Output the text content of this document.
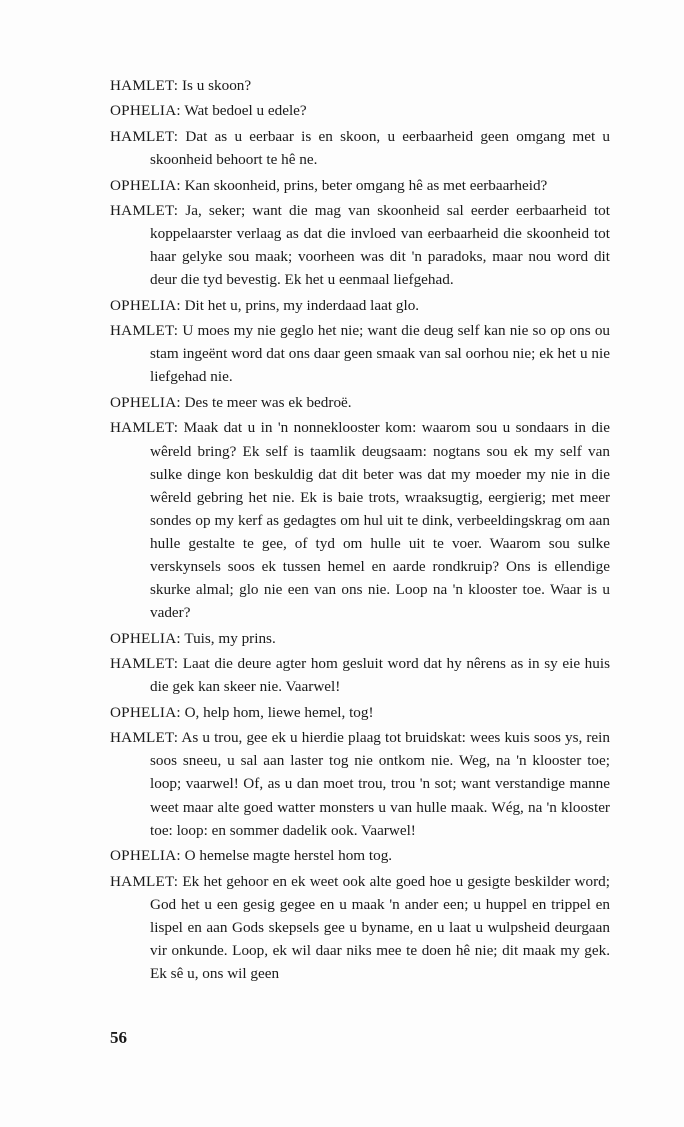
HAMLET: Is u skoon?

OPHELIA: Wat bedoel u edele?

HAMLET: Dat as u eerbaar is en skoon, u eerbaarheid geen omgang met u skoonheid behoort te hê ne.

OPHELIA: Kan skoonheid, prins, beter omgang hê as met eerbaarheid?

HAMLET: Ja, seker; want die mag van skoonheid sal eerder eerbaarheid tot koppelaarster verlaag as dat die invloed van eerbaarheid die skoonheid tot haar gelyke sou maak; voorheen was dit 'n paradoks, maar nou word dit deur die tyd bevestig. Ek het u eenmaal liefgehad.

OPHELIA: Dit het u, prins, my inderdaad laat glo.

HAMLET: U moes my nie geglo het nie; want die deug self kan nie so op ons ou stam ingeënt word dat ons daar geen smaak van sal oorhou nie; ek het u nie liefgehad nie.

OPHELIA: Des te meer was ek bedroë.

HAMLET: Maak dat u in 'n nonneklooster kom: waarom sou u sondaars in die wêreld bring? Ek self is taamlik deugsaam: nogtans sou ek my self van sulke dinge kon beskuldig dat dit beter was dat my moeder my nie in die wêreld gebring het nie. Ek is baie trots, wraaksugtig, eergierig; met meer sondes op my kerf as gedagtes om hul uit te dink, verbeeldingskrag om aan hulle gestalte te gee, of tyd om hulle uit te voer. Waarom sou sulke verskynsels soos ek tussen hemel en aarde rondkruip? Ons is ellendige skurke almal; glo nie een van ons nie. Loop na 'n klooster toe. Waar is u vader?

OPHELIA: Tuis, my prins.

HAMLET: Laat die deure agter hom gesluit word dat hy nêrens as in sy eie huis die gek kan skeer nie. Vaarwel!

OPHELIA: O, help hom, liewe hemel, tog!

HAMLET: As u trou, gee ek u hierdie plaag tot bruidskat: wees kuis soos ys, rein soos sneeu, u sal aan laster tog nie ontkom nie. Weg, na 'n klooster toe; loop; vaarwel! Of, as u dan moet trou, trou 'n sot; want verstandige manne weet maar alte goed watter monsters u van hulle maak. Wég, na 'n klooster toe: loop: en sommer dadelik ook. Vaarwel!

OPHELIA: O hemelse magte herstel hom tog.

HAMLET: Ek het gehoor en ek weet ook alte goed hoe u gesigte beskilder word; God het u een gesig gegee en u maak 'n ander een; u huppel en trippel en lispel en aan Gods skepsels gee u byname, en u laat u wulpsheid deurgaan vir onkunde. Loop, ek wil daar niks mee te doen hê nie; dit maak my gek. Ek sê u, ons wil geen

56
